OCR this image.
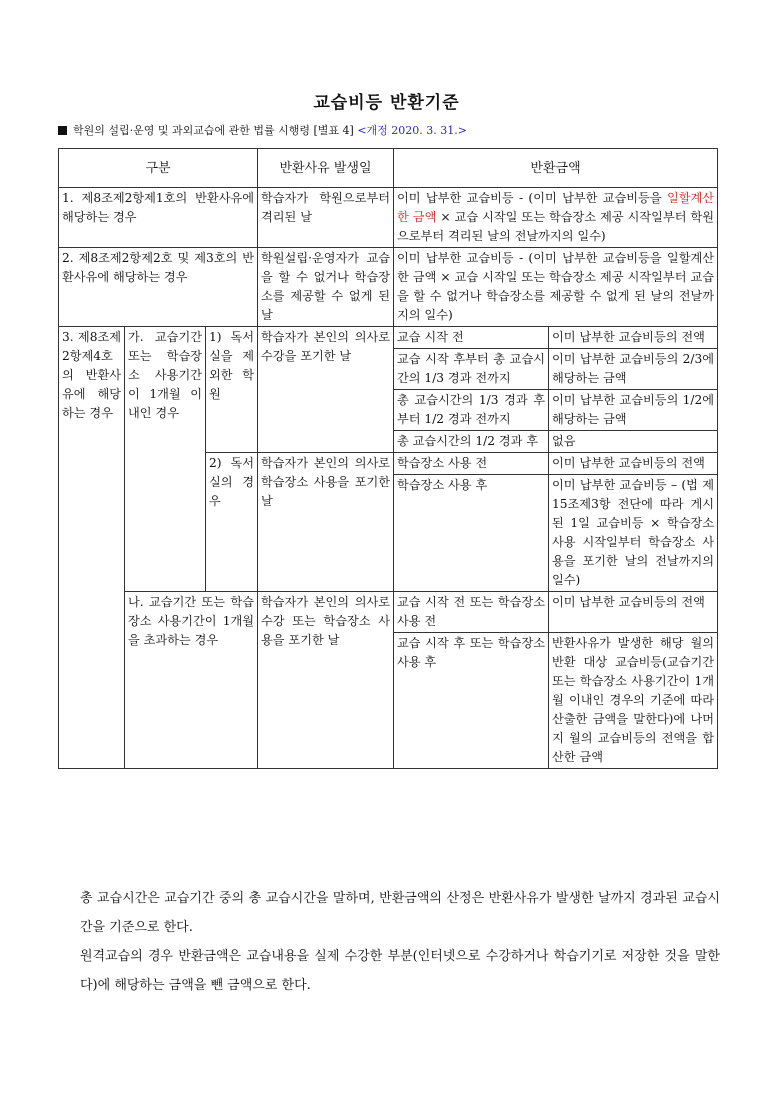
교습비등 반환기준
학원의 설립·운영 및 과외교습에 관한 법률 시행령 [별표 4] <개정 2020. 3. 31.>
구분			반환사유 발생일	반환금액	
1. 제8조제2항제1호의 반환사유에 해당하는 경우			학습자가 학원으로부터 격리된 날	이미 납부한 교습비등 - (이미 납부한 교습비등을 일할계산한 금액 × 교습 시작일 또는 학습장소 제공 시작일부터 학원으로부터 격리된 날의 전날까지의 일수)	
2. 제8조제2항제2호 및 제3호의 반환사유에 해당하는 경우			학원설립·운영자가 교습을 할 수 없거나 학습장소를 제공할 수 없게 된 날	이미 납부한 교습비등 - (이미 납부한 교습비등을 일할계산한 금액 × 교습 시작일 또는 학습장소 제공 시작일부터 교습을 할 수 없거나 학습장소를 제공할 수 없게 된 날의 전날까지의 일수)	
3. 제8조제2항제4호의 반환사유에 해당하는 경우	가. 교습기간 또는 학습장소 사용기간이 1개월 이내인 경우	1) 독서실을 제외한 학원	학습자가 본인의 의사로 수강을 포기한 날	교습 시작 전	이미 납부한 교습비등의 전액
				교습 시작 후부터 총 교습시간의 1/3 경과 전까지	이미 납부한 교습비등의 2/3에 해당하는 금액
				총 교습시간의 1/3 경과 후부터 1/2 경과 전까지	이미 납부한 교습비등의 1/2에 해당하는 금액
				총 교습시간의 1/2 경과 후	없음
		2) 독서실의 경우	학습자가 본인의 의사로 학습장소 사용을 포기한 날	학습장소 사용 전	이미 납부한 교습비등의 전액
				학습장소 사용 후	이미 납부한 교습비등 – (법 제15조제3항 전단에 따라 게시된 1일 교습비등 × 학습장소 사용 시작일부터 학습장소 사용을 포기한 날의 전날까지의 일수)
	나. 교습기간 또는 학습장소 사용기간이 1개월을 초과하는 경우		학습자가 본인의 의사로 수강 또는 학습장소 사용을 포기한 날	교습 시작 전 또는 학습장소 사용 전	이미 납부한 교습비등의 전액
				교습 시작 후 또는 학습장소 사용 후	반환사유가 발생한 해당 월의 반환 대상 교습비등(교습기간 또는 학습장소 사용기간이 1개월 이내인 경우의 기준에 따라 산출한 금액을 말한다)에 나머지 월의 교습비등의 전액을 합산한 금액

총 교습시간은 교습기간 중의 총 교습시간을 말하며, 반환금액의 산정은 반환사유가 발생한 날까지 경과된 교습시간을 기준으로 한다.

원격교습의 경우 반환금액은 교습내용을 실제 수강한 부분(인터넷으로 수강하거나 학습기기로 저장한 것을 말한다)에 해당하는 금액을 뺀 금액으로 한다.
